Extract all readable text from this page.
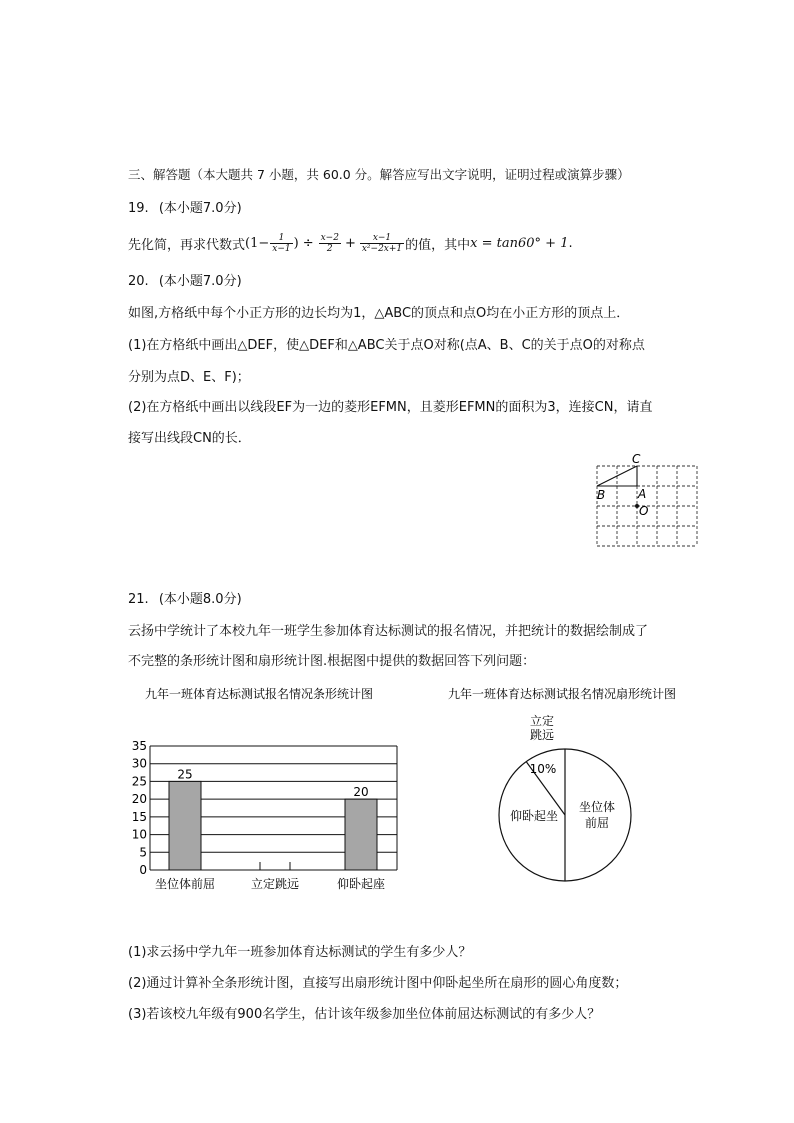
三、解答题（本大题共 7 小题，共 60.0 分。解答应写出文字说明，证明过程或演算步骤）
19. (本小题7.0分)
先化简，再求代数式 ($1- \frac{1}{x-1}$ ) ÷ $\frac{x-2}{2} + \frac{x-1}{\text{x²−2x+1}}$ 的值，其中 x = tan60° + 1 .
20. (本小题7.0分)
如图,方格纸中每个小正方形的边长均为1，△ABC的顶点和点O均在小正方形的顶点上．
(1)在方格纸中画出△DEF，使△DEF和△ABC关于点O对称(点A、B、C的关于点O的对称点
分别为点D、E、F)；
(2)在方格纸中画出以线段EF为一边的菱形EFMN，且菱形EFMN的面积为3，连接CN，请直
接写出线段CN的长．
C
B	A
O
21. (本小题8.0分)
云扬中学统计了本校九年一班学生参加体育达标测试的报名情况，并把统计的数据绘制成了
不完整的条形统计图和扇形统计图.根据图中提供的数据回答下列问题：
九年一班体育达标测试报名情况条形统计图
0
5
10
15
20
25
30
35
25
20
坐位体前屈	立定跳远	仰卧起座
九年一班体育达标测试报名情况扇形统计图
立定
跳远
10%
坐位体
前屈
仰卧起坐
(1)求云扬中学九年一班参加体育达标测试的学生有多少人？
(2)通过计算补全条形统计图，直接写出扇形统计图中仰卧起坐所在扇形的圆心角度数；
(3)若该校九年级有900名学生，估计该年级参加坐位体前屈达标测试的有多少人？
